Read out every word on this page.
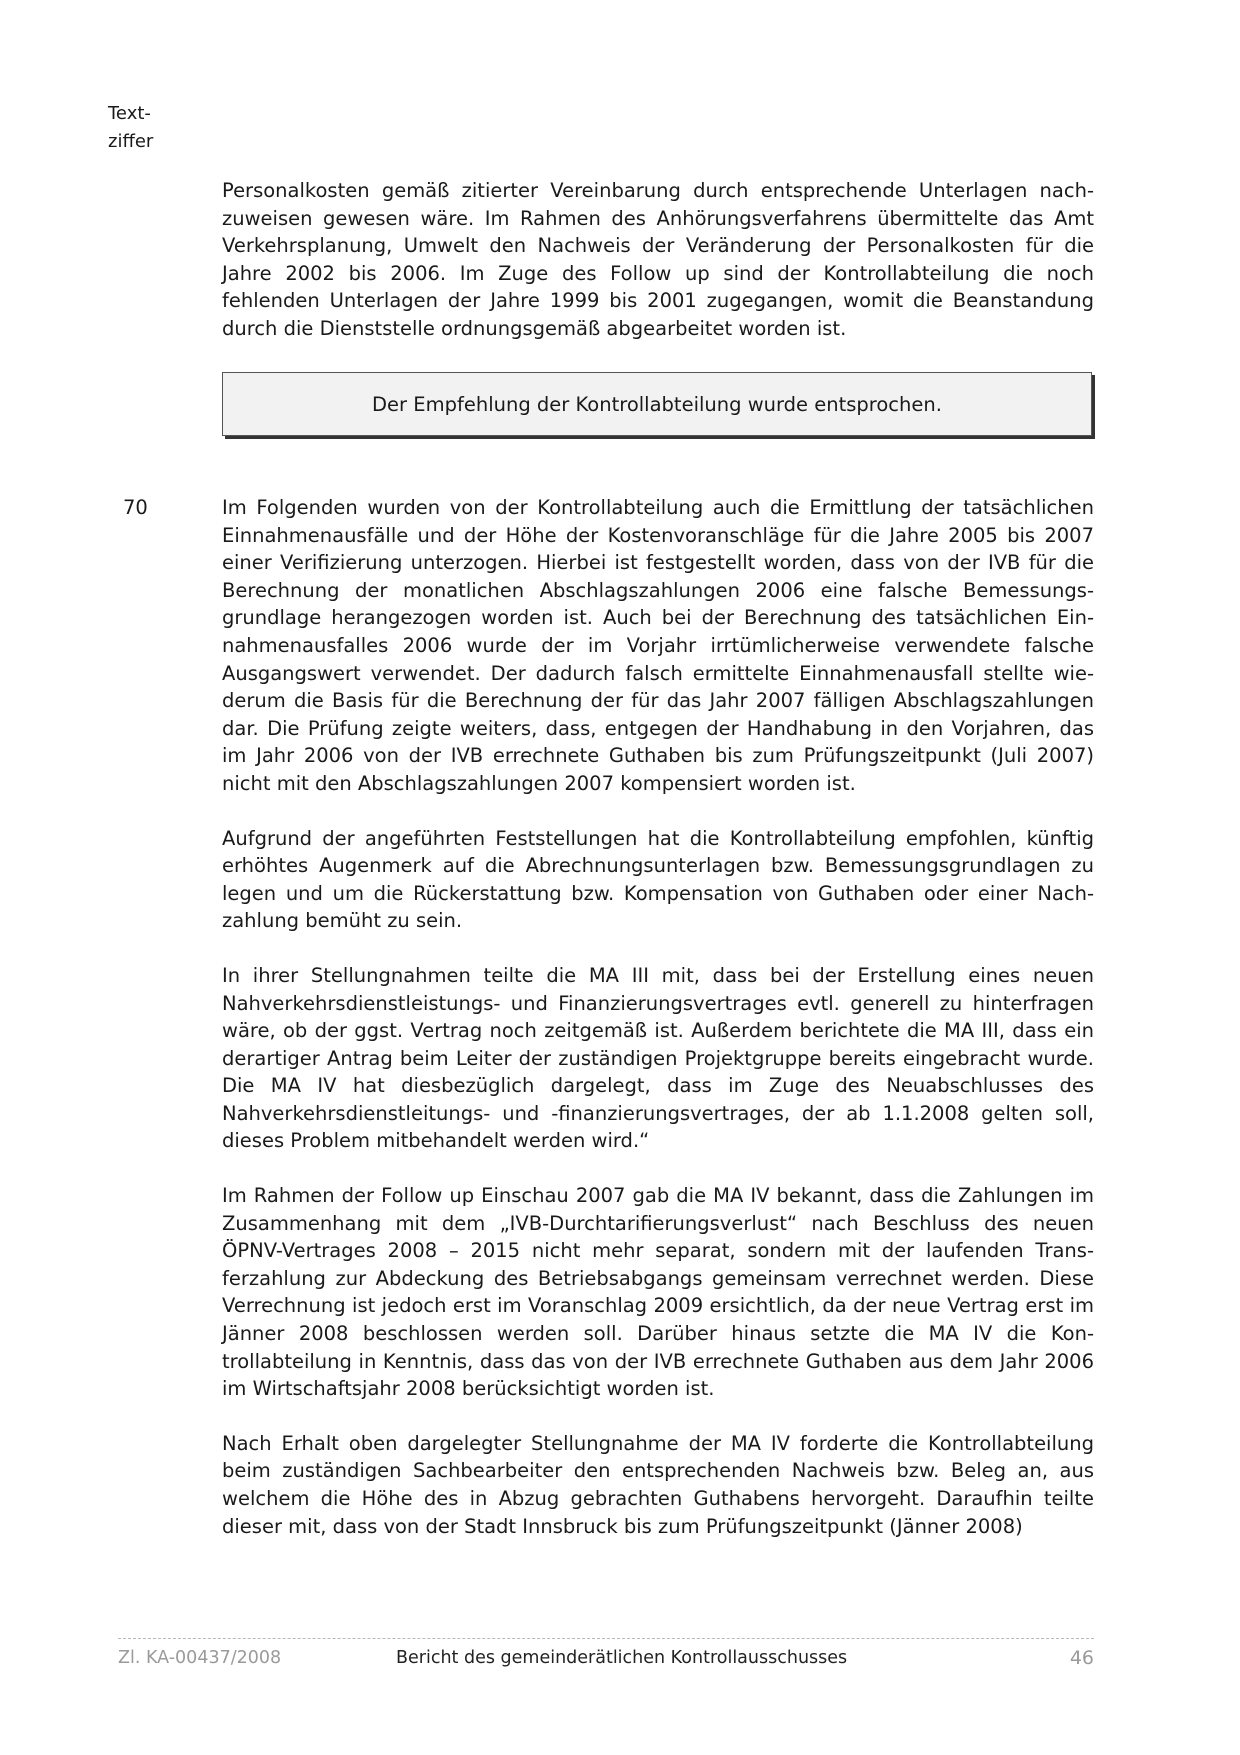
Text-
ziffer

Personalkosten gemäß zitierter Vereinbarung durch entsprechende Unterlagen nachzuweisen gewesen wäre. Im Rahmen des Anhörungsverfahrens übermittelte das Amt Verkehrsplanung, Umwelt den Nachweis der Veränderung der Personalkosten für die Jahre 2002 bis 2006. Im Zuge des Follow up sind der Kontrollabteilung die noch fehlenden Unterlagen der Jahre 1999 bis 2001 zugegangen, womit die Beanstandung durch die Dienststelle ordnungsgemäß abgearbeitet worden ist.

Der Empfehlung der Kontrollabteilung wurde entsprochen.
70	Im Folgenden wurden von der Kontrollabteilung auch die Ermittlung der tatsächlichen Einnahmenausfälle und der Höhe der Kostenvoranschläge für die Jahre 2005 bis 2007 einer Verifizierung unterzogen. Hierbei ist festgestellt worden, dass von der IVB für die Berechnung der monatlichen Abschlagszahlungen 2006 eine falsche Bemessungsgrundlage herangezogen worden ist. Auch bei der Berechnung des tatsächlichen Einnahmenausfalles 2006 wurde der im Vorjahr irrtümlicherweise verwendete falsche Ausgangswert verwendet. Der dadurch falsch ermittelte Einnahmenausfall stellte wiederum die Basis für die Berechnung der für das Jahr 2007 fälligen Abschlagszahlungen dar. Die Prüfung zeigte weiters, dass, entgegen der Handhabung in den Vorjahren, das im Jahr 2006 von der IVB errechnete Guthaben bis zum Prüfungszeitpunkt (Juli 2007) nicht mit den Abschlagszahlungen 2007 kompensiert worden ist.

Aufgrund der angeführten Feststellungen hat die Kontrollabteilung empfohlen, künftig erhöhtes Augenmerk auf die Abrechnungsunterlagen bzw. Bemessungsgrundlagen zu legen und um die Rückerstattung bzw. Kompensation von Guthaben oder einer Nachzahlung bemüht zu sein.

In ihrer Stellungnahmen teilte die MA III mit, dass bei der Erstellung eines neuen Nahverkehrsdienstleistungs- und Finanzierungsvertrages evtl. generell zu hinterfragen wäre, ob der ggst. Vertrag noch zeitgemäß ist. Außerdem berichtete die MA III, dass ein derartiger Antrag beim Leiter der zuständigen Projektgruppe bereits eingebracht wurde. Die MA IV hat diesbezüglich dargelegt, dass im Zuge des Neuabschlusses des Nahverkehrsdienstleitungs- und -finanzierungsvertrages, der ab 1.1.2008 gelten soll, dieses Problem mitbehandelt werden wird.“

Im Rahmen der Follow up Einschau 2007 gab die MA IV bekannt, dass die Zahlungen im Zusammenhang mit dem „IVB-Durchtarifierungsverlust“ nach Beschluss des neuen ÖPNV-Vertrages 2008 – 2015 nicht mehr separat, sondern mit der laufenden Transferzahlung zur Abdeckung des Betriebsabgangs gemeinsam verrechnet werden. Diese Verrechnung ist jedoch erst im Voranschlag 2009 ersichtlich, da der neue Vertrag erst im Jänner 2008 beschlossen werden soll. Darüber hinaus setzte die MA IV die Kontrollabteilung in Kenntnis, dass das von der IVB errechnete Guthaben aus dem Jahr 2006 im Wirtschaftsjahr 2008 berücksichtigt worden ist.

Nach Erhalt oben dargelegter Stellungnahme der MA IV forderte die Kontrollabteilung beim zuständigen Sachbearbeiter den entsprechenden Nachweis bzw. Beleg an, aus welchem die Höhe des in Abzug gebrachten Guthabens hervorgeht. Daraufhin teilte dieser mit, dass von der Stadt Innsbruck bis zum Prüfungszeitpunkt (Jänner 2008)

Zl. KA-00437/2008	Bericht des gemeinderätlichen Kontrollausschusses	46
